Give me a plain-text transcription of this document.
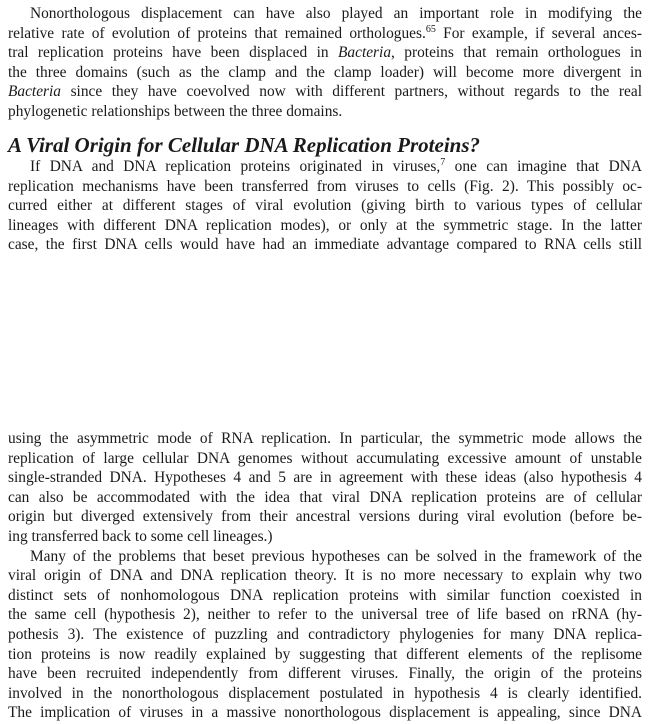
Nonorthologous displacement can have also played an important role in modifying the
relative rate of evolution of proteins that remained orthologues.$^{65}$ For example, if several ances-
tral replication proteins have been displaced in Bacteria, proteins that remain orthologues in
the three domains (such as the clamp and the clamp loader) will become more divergent in
Bacteria since they have coevolved now with different partners, without regards to the real
phylogenetic relationships between the three domains.
A Viral Origin for Cellular DNA Replication Proteins?
If DNA and DNA replication proteins originated in viruses,$^7$ one can imagine that DNA
replication mechanisms have been transferred from viruses to cells (Fig. 2). This possibly oc-
curred either at different stages of viral evolution (giving birth to various types of cellular
lineages with different DNA replication modes), or only at the symmetric stage. In the latter
case, the first DNA cells would have had an immediate advantage compared to RNA cells still
using the asymmetric mode of RNA replication. In particular, the symmetric mode allows the
replication of large cellular DNA genomes without accumulating excessive amount of unstable
single-stranded DNA. Hypotheses 4 and 5 are in agreement with these ideas (also hypothesis 4
can also be accommodated with the idea that viral DNA replication proteins are of cellular
origin but diverged extensively from their ancestral versions during viral evolution (before be-
ing transferred back to some cell lineages.)
Many of the problems that beset previous hypotheses can be solved in the framework of the
viral origin of DNA and DNA replication theory. It is no more necessary to explain why two
distinct sets of nonhomologous DNA replication proteins with similar function coexisted in
the same cell (hypothesis 2), neither to refer to the universal tree of life based on rRNA (hy-
pothesis 3). The existence of puzzling and contradictory phylogenies for many DNA replica-
tion proteins is now readily explained by suggesting that different elements of the replisome
have been recruited independently from different viruses. Finally, the origin of the proteins
involved in the nonorthologous displacement postulated in hypothesis 4 is clearly identified.
The implication of viruses in a massive nonorthologous displacement is appealing, since DNA
